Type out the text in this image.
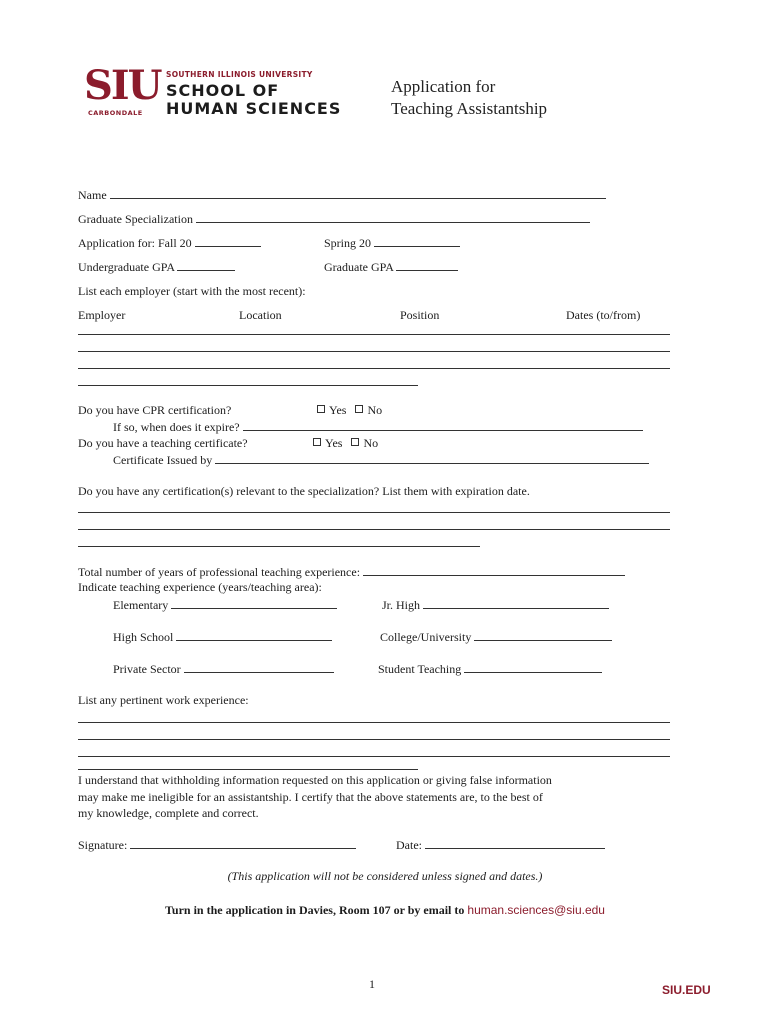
SIU
CARBONDALE
SOUTHERN ILLINOIS UNIVERSITY
SCHOOL OF
HUMAN SCIENCES
Application for
Teaching Assistantship
Name
Graduate Specialization
Application for: Fall 20	Spring 20
Undergraduate GPA	Graduate GPA
List each employer (start with the most recent):
Employer	Location	Position	Dates (to/from)
Do you have CPR certification?	Yes No
If so, when does it expire?
Do you have a teaching certificate?	Yes No
Certificate Issued by
Do you have any certification(s) relevant to the specialization? List them with expiration date.
Total number of years of professional teaching experience:
Indicate teaching experience (years/teaching area):
Elementary	Jr. High
High School	College/University
Private Sector	Student Teaching
List any pertinent work experience:
I understand that withholding information requested on this application or giving false information
may make me ineligible for an assistantship. I certify that the above statements are, to the best of
my knowledge, complete and correct.
Signature:	Date:
(This application will not be considered unless signed and dates.)
Turn in the application in Davies, Room 107 or by email to human.sciences@siu.edu
1	SIU.EDU
